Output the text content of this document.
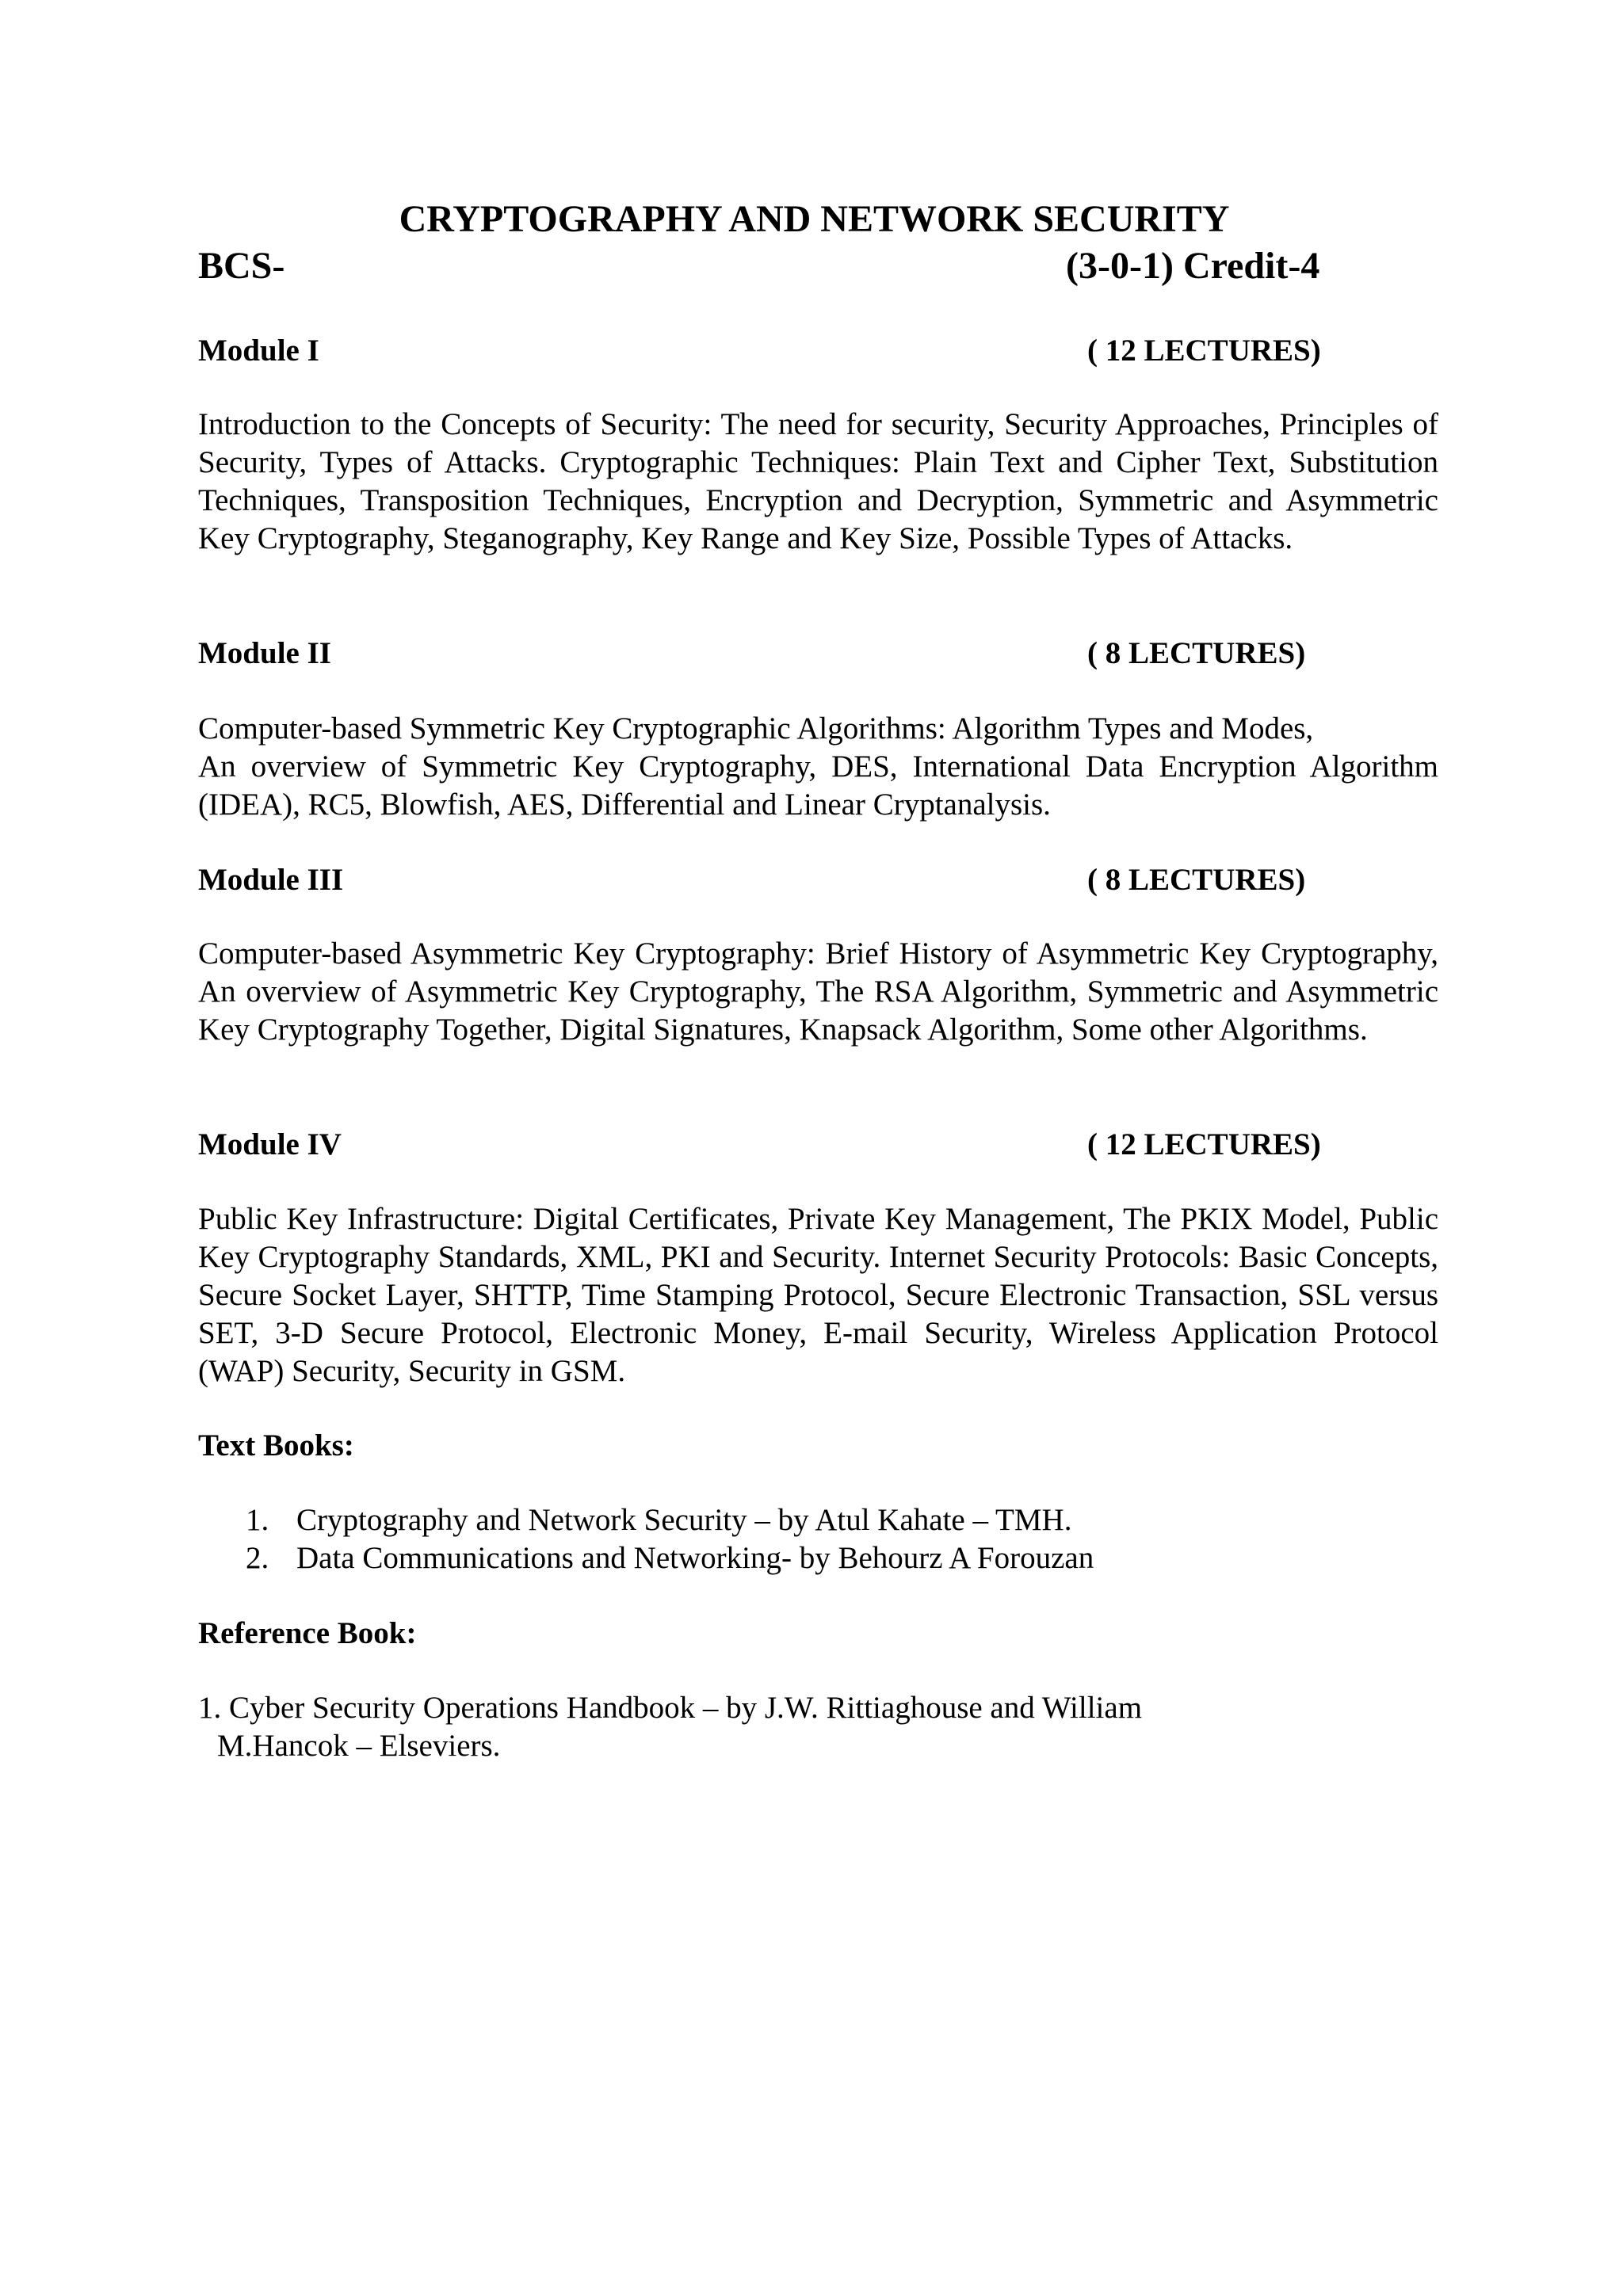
CRYPTOGRAPHY AND NETWORK SECURITY
BCS-	(3-0-1) Credit-4
Module I	( 12 LECTURES)

Introduction to the Concepts of Security: The need for security, Security Approaches, Principles of Security, Types of Attacks. Cryptographic Techniques: Plain Text and Cipher Text, Substitution Techniques, Transposition Techniques, Encryption and Decryption, Symmetric and Asymmetric Key Cryptography, Steganography, Key Range and Key Size, Possible Types of Attacks.

Module II	( 8 LECTURES)

Computer-based Symmetric Key Cryptographic Algorithms: Algorithm Types and Modes,

An overview of Symmetric Key Cryptography, DES, International Data Encryption Algorithm (IDEA), RC5, Blowfish, AES, Differential and Linear Cryptanalysis.

Module III	( 8 LECTURES)

Computer-based Asymmetric Key Cryptography: Brief History of Asymmetric Key Cryptography, An overview of Asymmetric Key Cryptography, The RSA Algorithm, Symmetric and Asymmetric Key Cryptography Together, Digital Signatures, Knapsack Algorithm, Some other Algorithms.

Module IV	( 12 LECTURES)

Public Key Infrastructure: Digital Certificates, Private Key Management, The PKIX Model, Public Key Cryptography Standards, XML, PKI and Security. Internet Security Protocols: Basic Concepts, Secure Socket Layer, SHTTP, Time Stamping Protocol, Secure Electronic Transaction, SSL versus SET, 3-D Secure Protocol, Electronic Money, E-mail Security, Wireless Application Protocol (WAP) Security, Security in GSM.

Text Books:
1. Cryptography and Network Security – by Atul Kahate – TMH.
2. Data Communications and Networking- by Behourz A Forouzan
Reference Book:

1. Cyber Security Operations Handbook – by J.W. Rittiaghouse and William
M.Hancok – Elseviers.
